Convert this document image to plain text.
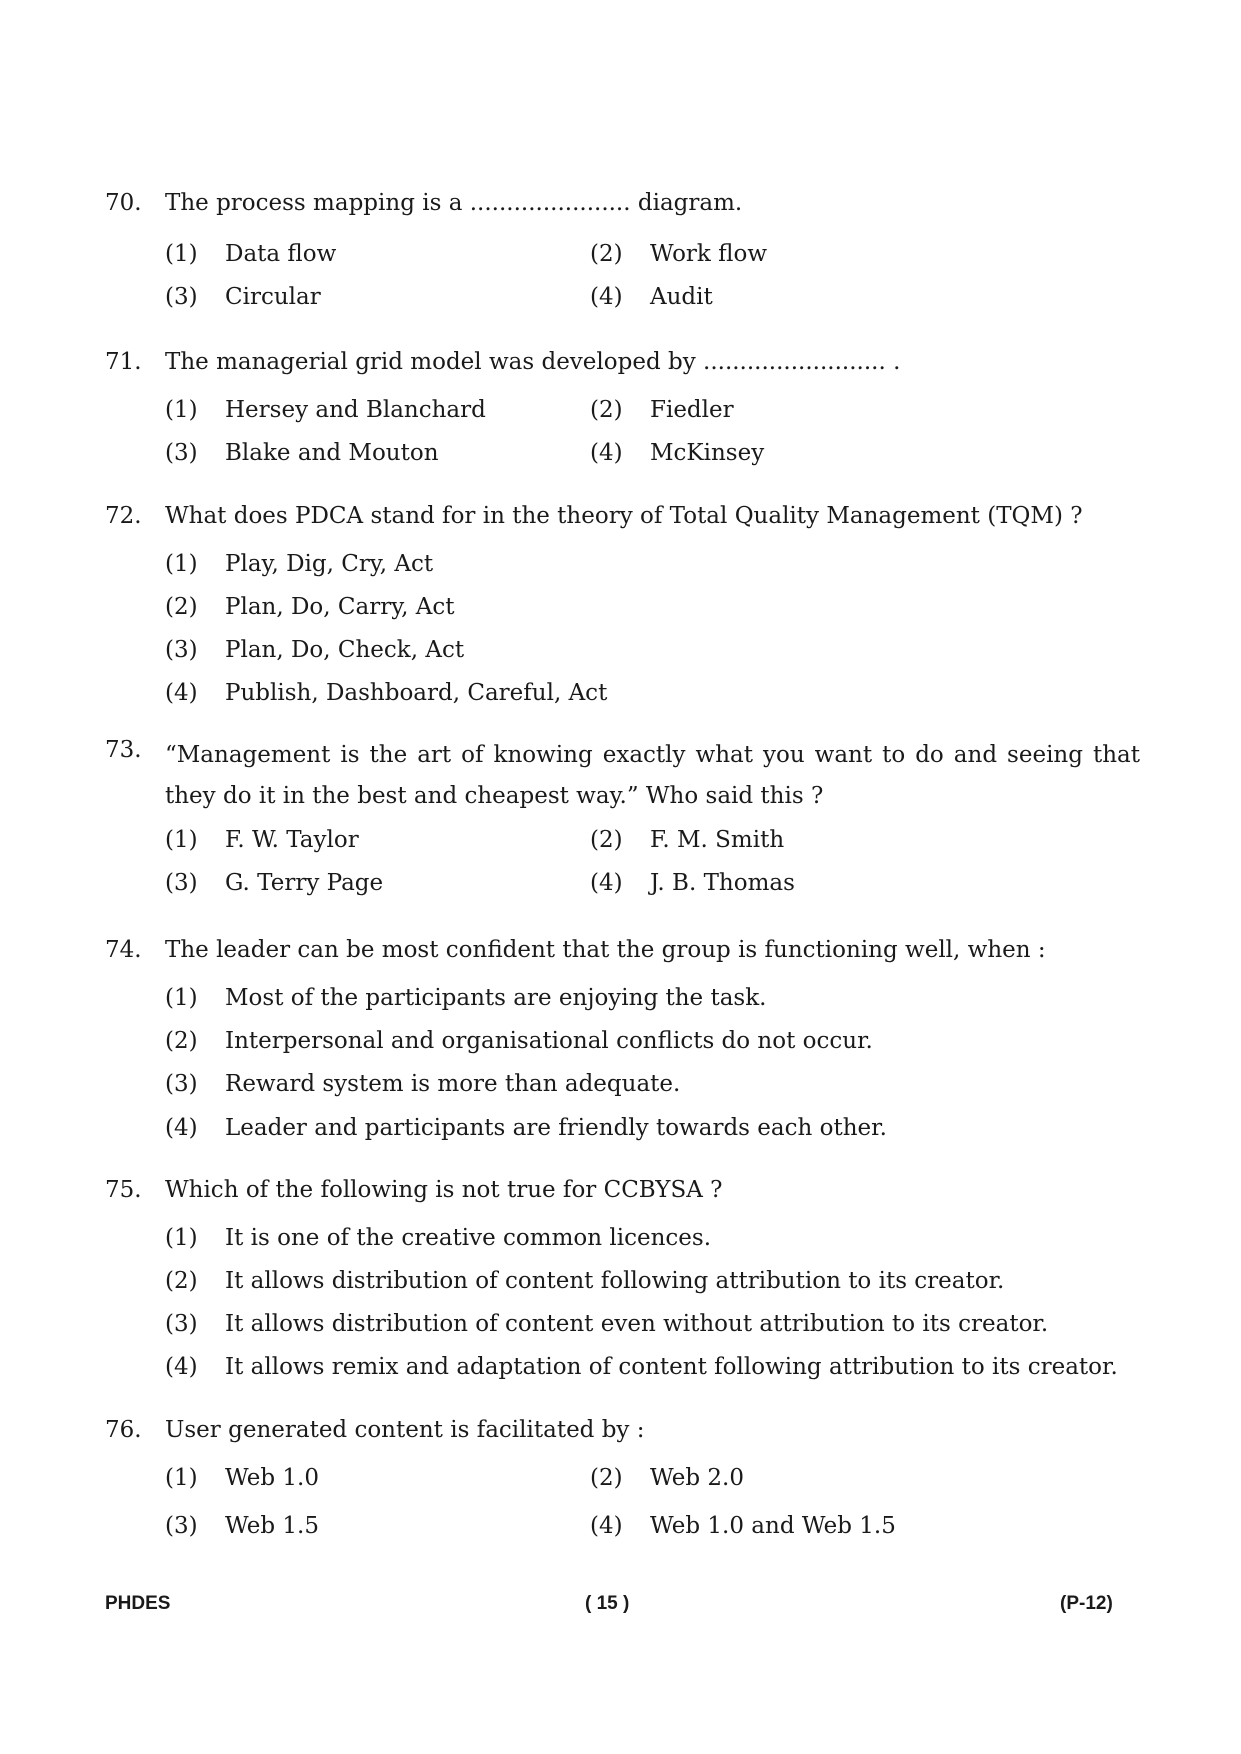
70. The process mapping is a ...................... diagram.
(1) Data flow	(2) Work flow
(3) Circular	(4) Audit
71. The managerial grid model was developed by ......................... .
(1) Hersey and Blanchard	(2) Fiedler
(3) Blake and Mouton	(4) McKinsey
72. What does PDCA stand for in the theory of Total Quality Management (TQM) ?
(1) Play, Dig, Cry, Act
(2) Plan, Do, Carry, Act
(3) Plan, Do, Check, Act
(4) Publish, Dashboard, Careful, Act
73. “Management is the art of knowing exactly what you want to do and seeing that they do it in the best and cheapest way.” Who said this ?
(1) F. W. Taylor	(2) F. M. Smith
(3) G. Terry Page	(4) J. B. Thomas
74. The leader can be most confident that the group is functioning well, when :
(1) Most of the participants are enjoying the task.
(2) Interpersonal and organisational conflicts do not occur.
(3) Reward system is more than adequate.
(4) Leader and participants are friendly towards each other.
75. Which of the following is not true for CCBYSA ?
(1) It is one of the creative common licences.
(2) It allows distribution of content following attribution to its creator.
(3) It allows distribution of content even without attribution to its creator.
(4) It allows remix and adaptation of content following attribution to its creator.
76. User generated content is facilitated by :
(1) Web 1.0	(2) Web 2.0
(3) Web 1.5	(4) Web 1.0 and Web 1.5
PHDES	( 15 )	(P-12)
